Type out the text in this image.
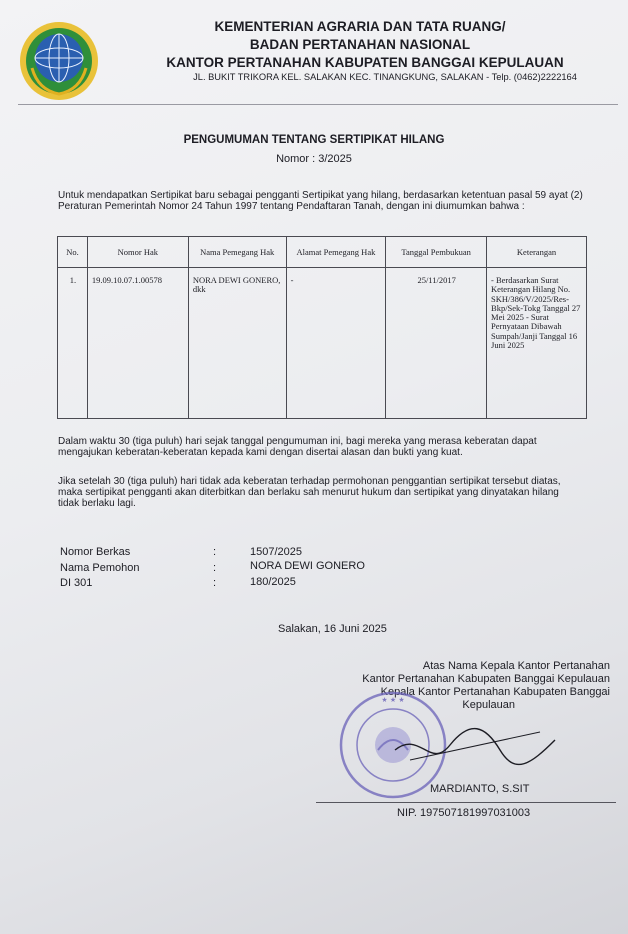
KEMENTERIAN AGRARIA DAN TATA RUANG/
BADAN PERTANAHAN NASIONAL
KANTOR PERTANAHAN KABUPATEN BANGGAI KEPULAUAN
JL. BUKIT TRIKORA KEL. SALAKAN KEC. TINANGKUNG, SALAKAN - Telp. (0462)2222164
PENGUMUMAN TENTANG SERTIPIKAT HILANG
Nomor : 3/2025
Untuk mendapatkan Sertipikat baru sebagai pengganti Sertipikat yang hilang, berdasarkan ketentuan pasal 59 ayat (2) Peraturan Pemerintah Nomor 24 Tahun 1997 tentang Pendaftaran Tanah, dengan ini diumumkan bahwa :
No.	Nomor Hak	Nama Pemegang Hak	Alamat Pemegang Hak	Tanggal Pembukuan	Keterangan
1.	19.09.10.07.1.00578	NORA DEWI GONERO, dkk	-	25/11/2017	- Berdasarkan Surat Keterangan Hilang No. SKH/386/V/2025/Res-Bkp/Sek-Tokg Tanggal 27 Mei 2025 - Surat Pernyataan Dibawah Sumpah/Janji Tanggal 16 Juni 2025
Dalam waktu 30 (tiga puluh) hari sejak tanggal pengumuman ini, bagi mereka yang merasa keberatan dapat mengajukan keberatan-keberatan kepada kami dengan disertai alasan dan bukti yang kuat.
Jika setelah 30 (tiga puluh) hari tidak ada keberatan terhadap permohonan penggantian sertipikat tersebut diatas, maka sertipikat pengganti akan diterbitkan dan berlaku sah menurut hukum dan sertipikat yang dinyatakan hilang tidak berlaku lagi.
Nomor Berkas	:	1507/2025
Nama Pemohon	:	NORA DEWI GONERO
DI 301	:	180/2025
Salakan, 16 Juni 2025
Atas Nama Kepala Kantor Pertanahan
Kantor Pertanahan Kabupaten Banggai Kepulauan
Kepala Kantor Pertanahan Kabupaten Banggai
Kepulauan
★ ★ ★
MARDIANTO, S.SIT
NIP. 197507181997031003
